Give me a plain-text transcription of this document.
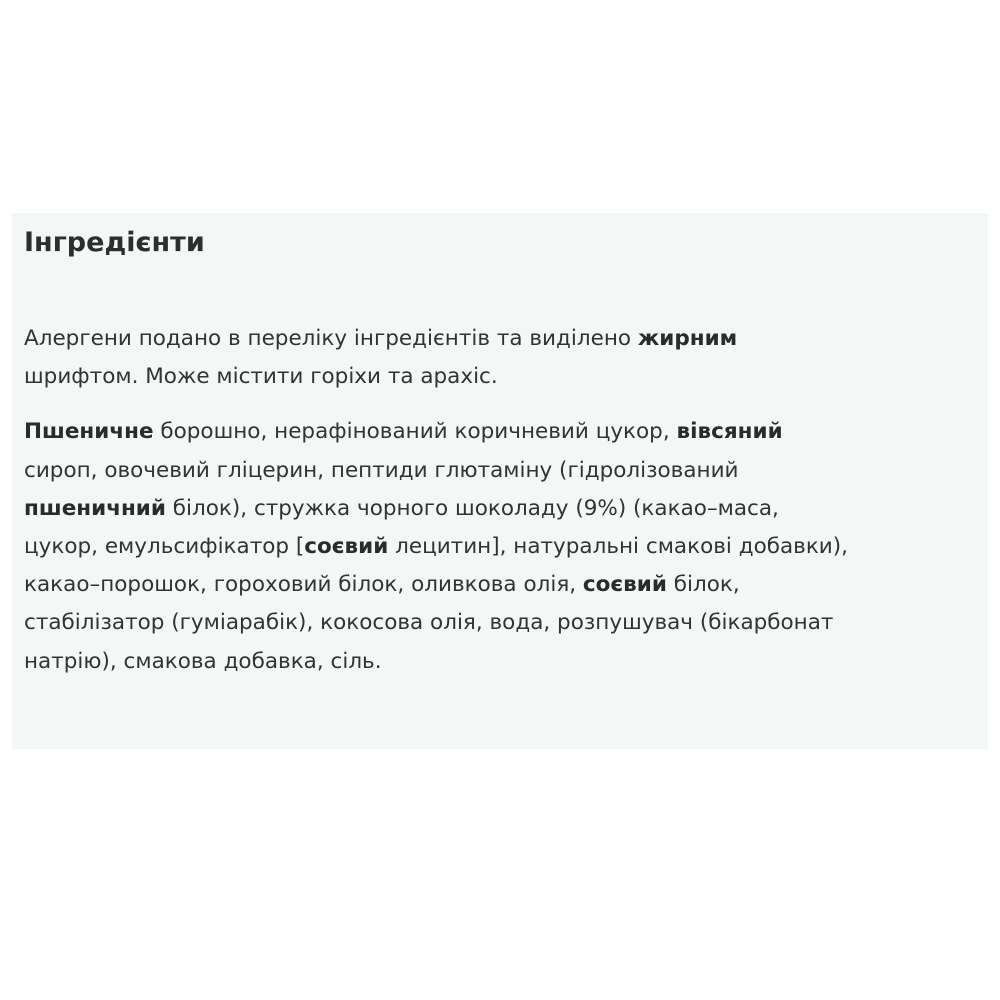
Інгредієнти

Алергени подано в переліку інгредієнтів та виділено жирним
шрифтом. Може містити горіхи та арахіс.

Пшеничне борошно, нерафінований коричневий цукор, вівсяний
сироп, овочевий гліцерин, пептиди глютаміну (гідролізований
пшеничний білок), стружка чорного шоколаду (9%) (какао–маса,
цукор, емульсифікатор [соєвий лецитин], натуральні смакові добавки),
какао–порошок, гороховий білок, оливкова олія, соєвий білок,
стабілізатор (гуміарабік), кокосова олія, вода, розпушувач (бікарбонат
натрію), смакова добавка, сіль.
